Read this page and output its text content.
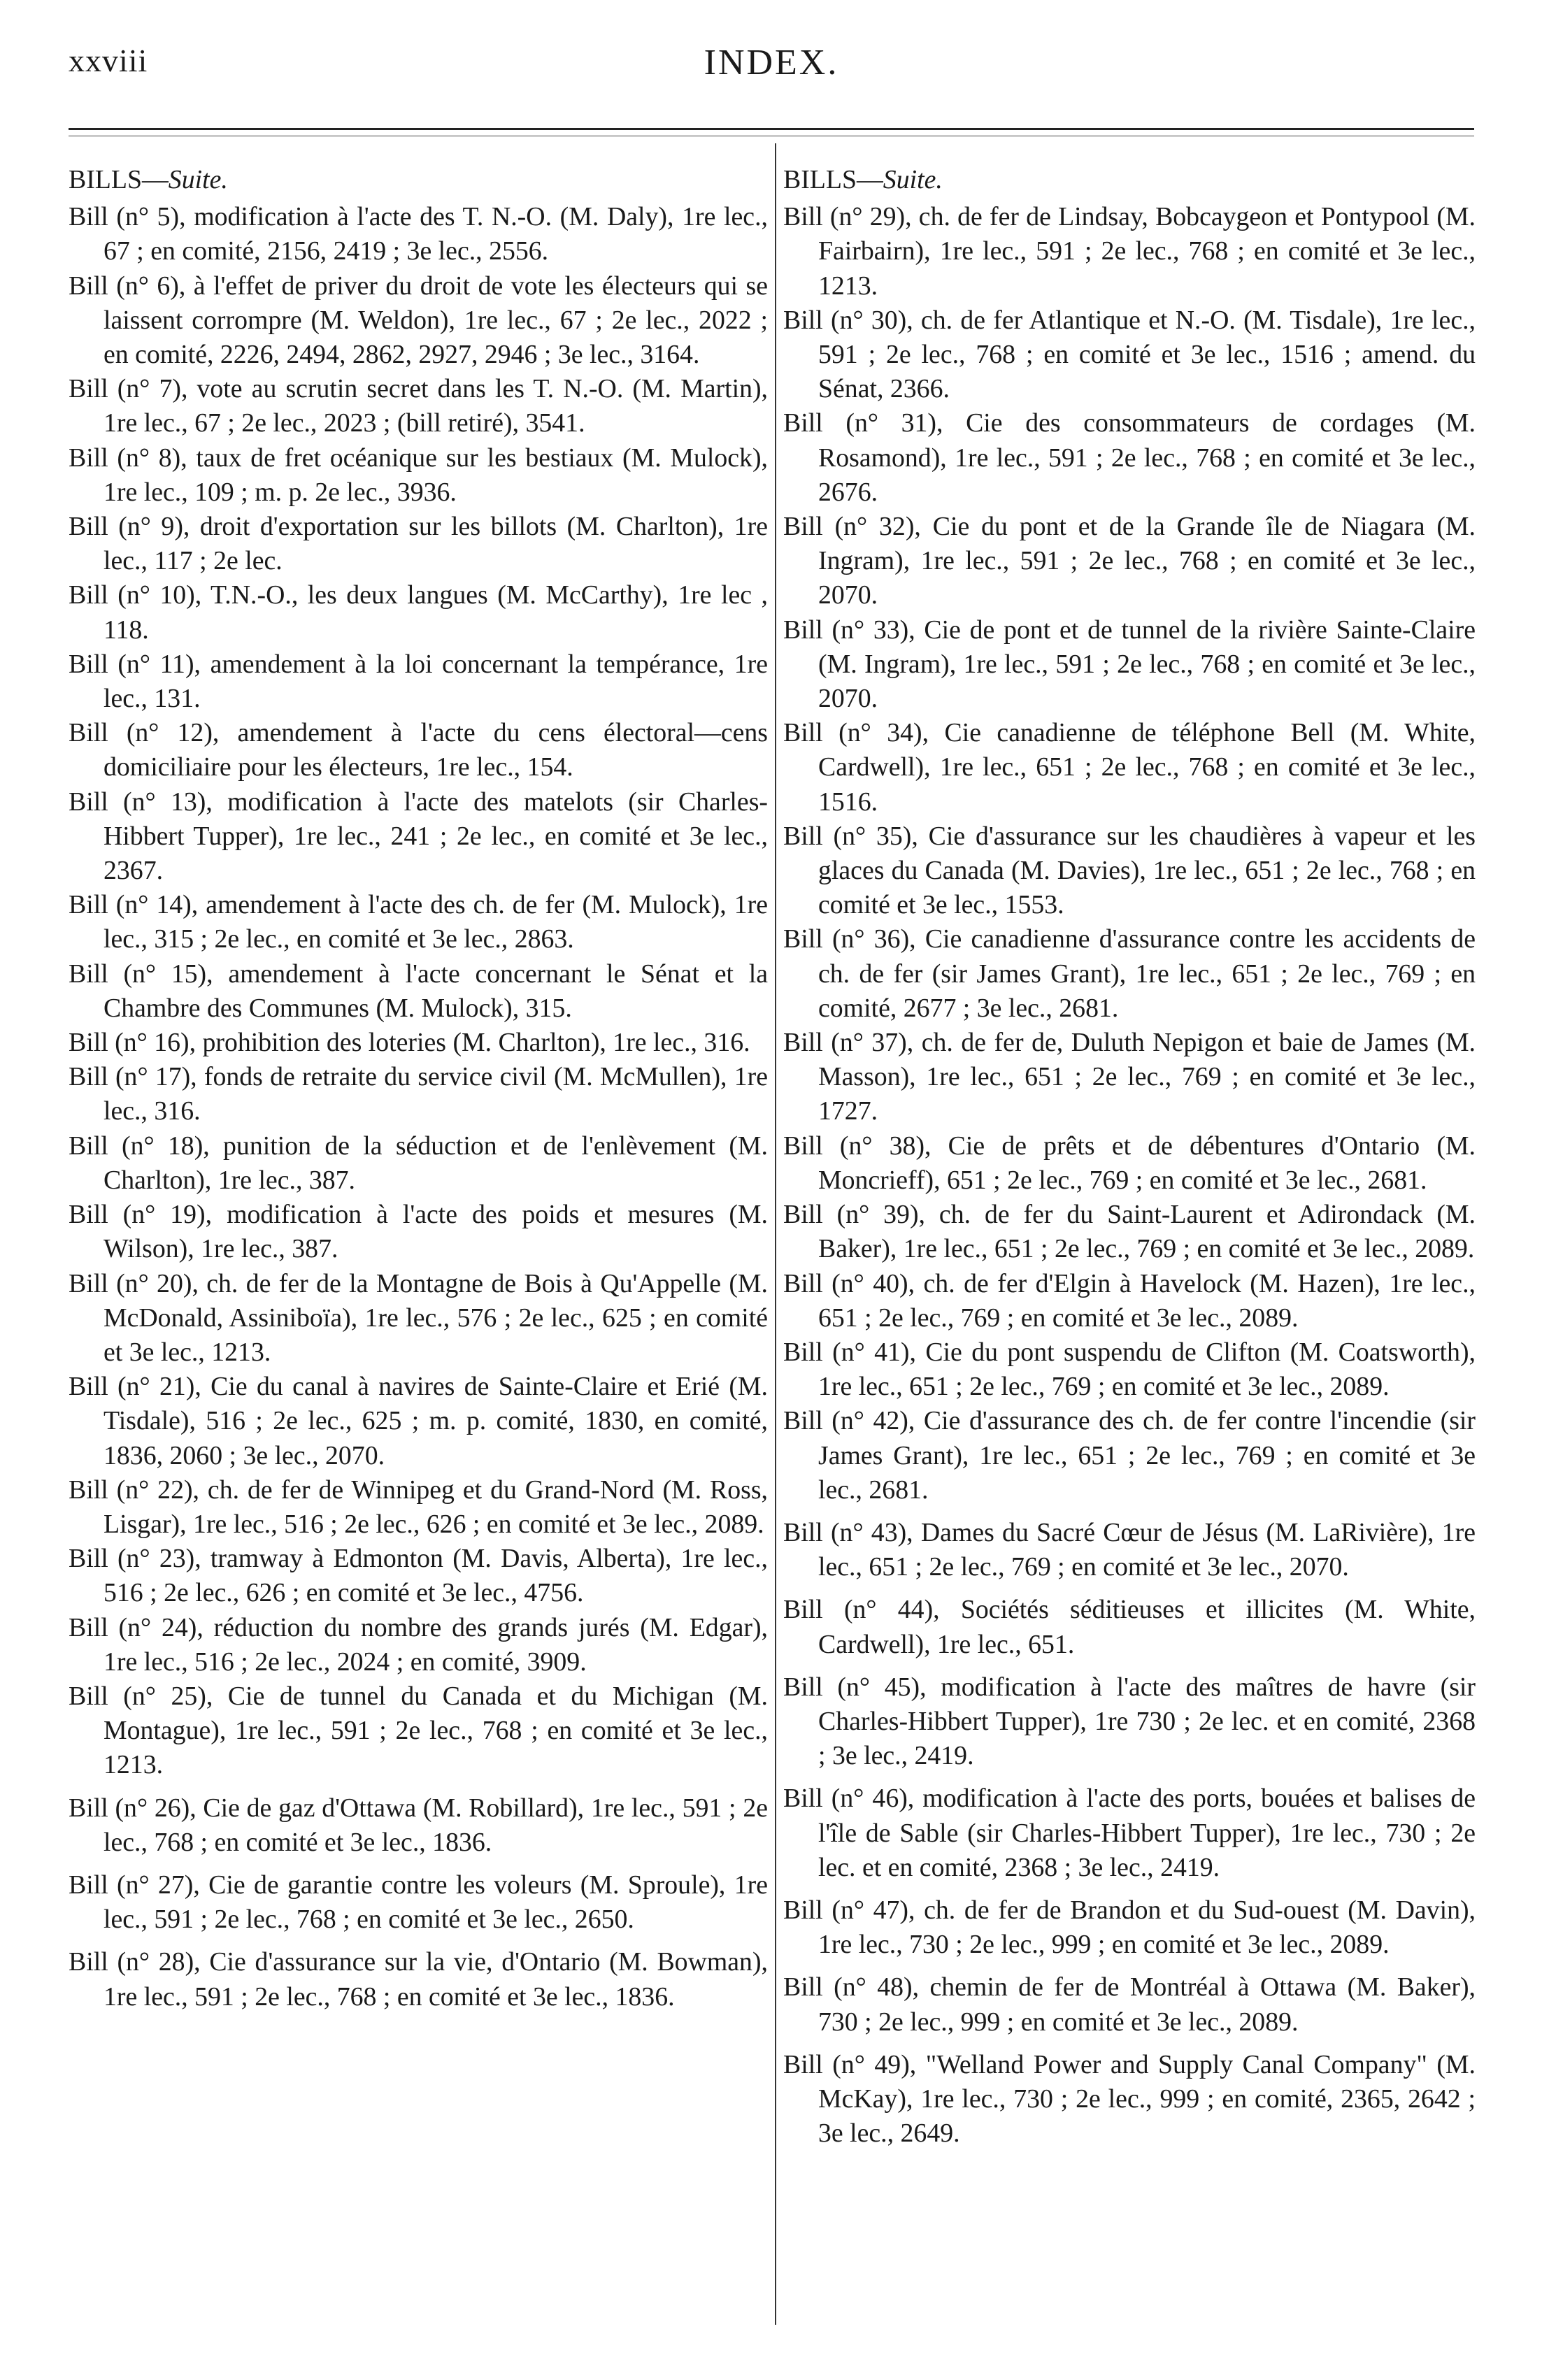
xxviii	INDEX.

BILLS—Suite.

Bill (n° 5), modification à l'acte des T. N.-O. (M. Daly), 1re lec., 67 ; en comité, 2156, 2419 ; 3e lec., 2556.

Bill (n° 6), à l'effet de priver du droit de vote les électeurs qui se laissent corrompre (M. Weldon), 1re lec., 67 ; 2e lec., 2022 ; en comité, 2226, 2494, 2862, 2927, 2946 ; 3e lec., 3164.

Bill (n° 7), vote au scrutin secret dans les T. N.-O. (M. Martin), 1re lec., 67 ; 2e lec., 2023 ; (bill retiré), 3541.

Bill (n° 8), taux de fret océanique sur les bestiaux (M. Mulock), 1re lec., 109 ; m. p. 2e lec., 3936.

Bill (n° 9), droit d'exportation sur les billots (M. Charlton), 1re lec., 117 ; 2e lec.

Bill (n° 10), T.N.-O., les deux langues (M. McCarthy), 1re lec , 118.

Bill (n° 11), amendement à la loi concernant la tempérance, 1re lec., 131.

Bill (n° 12), amendement à l'acte du cens électoral—cens domiciliaire pour les électeurs, 1re lec., 154.

Bill (n° 13), modification à l'acte des matelots (sir Charles-Hibbert Tupper), 1re lec., 241 ; 2e lec., en comité et 3e lec., 2367.

Bill (n° 14), amendement à l'acte des ch. de fer (M. Mulock), 1re lec., 315 ; 2e lec., en comité et 3e lec., 2863.

Bill (n° 15), amendement à l'acte concernant le Sénat et la Chambre des Communes (M. Mulock), 315.

Bill (n° 16), prohibition des loteries (M. Charlton), 1re lec., 316.

Bill (n° 17), fonds de retraite du service civil (M. McMullen), 1re lec., 316.

Bill (n° 18), punition de la séduction et de l'enlèvement (M. Charlton), 1re lec., 387.

Bill (n° 19), modification à l'acte des poids et mesures (M. Wilson), 1re lec., 387.

Bill (n° 20), ch. de fer de la Montagne de Bois à Qu'Appelle (M. McDonald, Assiniboïa), 1re lec., 576 ; 2e lec., 625 ; en comité et 3e lec., 1213.

Bill (n° 21), Cie du canal à navires de Sainte-Claire et Erié (M. Tisdale), 516 ; 2e lec., 625 ; m. p. comité, 1830, en comité, 1836, 2060 ; 3e lec., 2070.

Bill (n° 22), ch. de fer de Winnipeg et du Grand-Nord (M. Ross, Lisgar), 1re lec., 516 ; 2e lec., 626 ; en comité et 3e lec., 2089.

Bill (n° 23), tramway à Edmonton (M. Davis, Alberta), 1re lec., 516 ; 2e lec., 626 ; en comité et 3e lec., 4756.

Bill (n° 24), réduction du nombre des grands jurés (M. Edgar), 1re lec., 516 ; 2e lec., 2024 ; en comité, 3909.

Bill (n° 25), Cie de tunnel du Canada et du Michigan (M. Montague), 1re lec., 591 ; 2e lec., 768 ; en comité et 3e lec., 1213.

Bill (n° 26), Cie de gaz d'Ottawa (M. Robillard), 1re lec., 591 ; 2e lec., 768 ; en comité et 3e lec., 1836.

Bill (n° 27), Cie de garantie contre les voleurs (M. Sproule), 1re lec., 591 ; 2e lec., 768 ; en comité et 3e lec., 2650.

Bill (n° 28), Cie d'assurance sur la vie, d'Ontario (M. Bowman), 1re lec., 591 ; 2e lec., 768 ; en comité et 3e lec., 1836.

BILLS—Suite.

Bill (n° 29), ch. de fer de Lindsay, Bobcaygeon et Pontypool (M. Fairbairn), 1re lec., 591 ; 2e lec., 768 ; en comité et 3e lec., 1213.

Bill (n° 30), ch. de fer Atlantique et N.-O. (M. Tisdale), 1re lec., 591 ; 2e lec., 768 ; en comité et 3e lec., 1516 ; amend. du Sénat, 2366.

Bill (n° 31), Cie des consommateurs de cordages (M. Rosamond), 1re lec., 591 ; 2e lec., 768 ; en comité et 3e lec., 2676.

Bill (n° 32), Cie du pont et de la Grande île de Niagara (M. Ingram), 1re lec., 591 ; 2e lec., 768 ; en comité et 3e lec., 2070.

Bill (n° 33), Cie de pont et de tunnel de la rivière Sainte-Claire (M. Ingram), 1re lec., 591 ; 2e lec., 768 ; en comité et 3e lec., 2070.

Bill (n° 34), Cie canadienne de téléphone Bell (M. White, Cardwell), 1re lec., 651 ; 2e lec., 768 ; en comité et 3e lec., 1516.

Bill (n° 35), Cie d'assurance sur les chaudières à vapeur et les glaces du Canada (M. Davies), 1re lec., 651 ; 2e lec., 768 ; en comité et 3e lec., 1553.

Bill (n° 36), Cie canadienne d'assurance contre les accidents de ch. de fer (sir James Grant), 1re lec., 651 ; 2e lec., 769 ; en comité, 2677 ; 3e lec., 2681.

Bill (n° 37), ch. de fer de, Duluth Nepigon et baie de James (M. Masson), 1re lec., 651 ; 2e lec., 769 ; en comité et 3e lec., 1727.

Bill (n° 38), Cie de prêts et de débentures d'Ontario (M. Moncrieff), 651 ; 2e lec., 769 ; en comité et 3e lec., 2681.

Bill (n° 39), ch. de fer du Saint-Laurent et Adirondack (M. Baker), 1re lec., 651 ; 2e lec., 769 ; en comité et 3e lec., 2089.

Bill (n° 40), ch. de fer d'Elgin à Havelock (M. Hazen), 1re lec., 651 ; 2e lec., 769 ; en comité et 3e lec., 2089.

Bill (n° 41), Cie du pont suspendu de Clifton (M. Coatsworth), 1re lec., 651 ; 2e lec., 769 ; en comité et 3e lec., 2089.

Bill (n° 42), Cie d'assurance des ch. de fer contre l'incendie (sir James Grant), 1re lec., 651 ; 2e lec., 769 ; en comité et 3e lec., 2681.

Bill (n° 43), Dames du Sacré Cœur de Jésus (M. LaRivière), 1re lec., 651 ; 2e lec., 769 ; en comité et 3e lec., 2070.

Bill (n° 44), Sociétés séditieuses et illicites (M. White, Cardwell), 1re lec., 651.

Bill (n° 45), modification à l'acte des maîtres de havre (sir Charles-Hibbert Tupper), 1re 730 ; 2e lec. et en comité, 2368 ; 3e lec., 2419.

Bill (n° 46), modification à l'acte des ports, bouées et balises de l'île de Sable (sir Charles-Hibbert Tupper), 1re lec., 730 ; 2e lec. et en comité, 2368 ; 3e lec., 2419.

Bill (n° 47), ch. de fer de Brandon et du Sud-ouest (M. Davin), 1re lec., 730 ; 2e lec., 999 ; en comité et 3e lec., 2089.

Bill (n° 48), chemin de fer de Montréal à Ottawa (M. Baker), 730 ; 2e lec., 999 ; en comité et 3e lec., 2089.

Bill (n° 49), "Welland Power and Supply Canal Company" (M. McKay), 1re lec., 730 ; 2e lec., 999 ; en comité, 2365, 2642 ; 3e lec., 2649.
